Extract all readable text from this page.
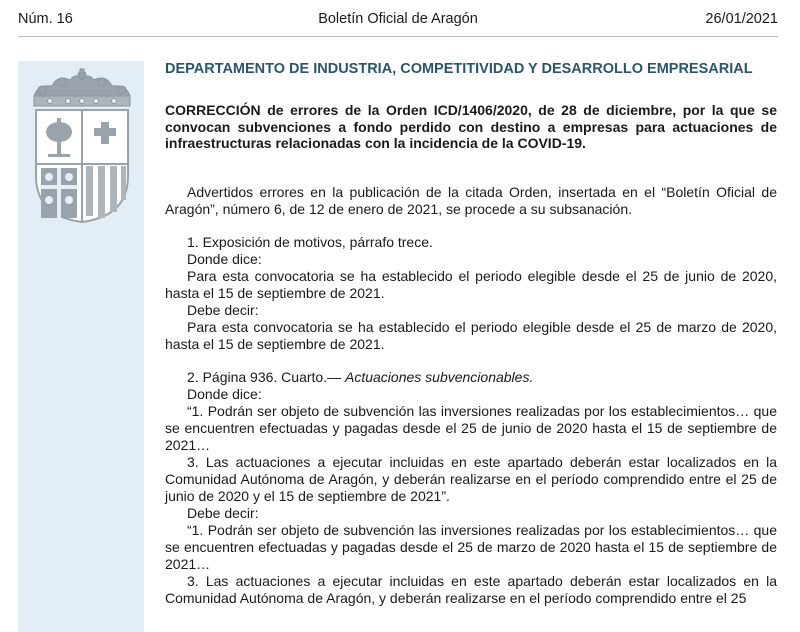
Núm. 16	Boletín Oficial de Aragón	26/01/2021

DEPARTAMENTO DE INDUSTRIA, COMPETITIVIDAD Y DESARROLLO EMPRESARIAL

CORRECCIÓN de errores de la Orden ICD/1406/2020, de 28 de diciembre, por la que se convocan subvenciones a fondo perdido con destino a empresas para actuaciones de infraestructuras relacionadas con la incidencia de la COVID-19.

Advertidos errores en la publicación de la citada Orden, insertada en el “Boletín Oficial de Aragón”, número 6, de 12 de enero de 2021, se procede a su subsanación.

1. Exposición de motivos, párrafo trece.

Donde dice:

Para esta convocatoria se ha establecido el periodo elegible desde el 25 de junio de 2020, hasta el 15 de septiembre de 2021.

Debe decir:

Para esta convocatoria se ha establecido el periodo elegible desde el 25 de marzo de 2020, hasta el 15 de septiembre de 2021.

2. Página 936. Cuarto.— Actuaciones subvencionables.

Donde dice:

“1. Podrán ser objeto de subvención las inversiones realizadas por los establecimientos… que se encuentren efectuadas y pagadas desde el 25 de junio de 2020 hasta el 15 de septiembre de 2021…

3. Las actuaciones a ejecutar incluidas en este apartado deberán estar localizados en la Comunidad Autónoma de Aragón, y deberán realizarse en el período comprendido entre el 25 de junio de 2020 y el 15 de septiembre de 2021”.

Debe decir:

“1. Podrán ser objeto de subvención las inversiones realizadas por los establecimientos… que se encuentren efectuadas y pagadas desde el 25 de marzo de 2020 hasta el 15 de septiembre de 2021…

3. Las actuaciones a ejecutar incluidas en este apartado deberán estar localizados en la Comunidad Autónoma de Aragón, y deberán realizarse en el período comprendido entre el 25
